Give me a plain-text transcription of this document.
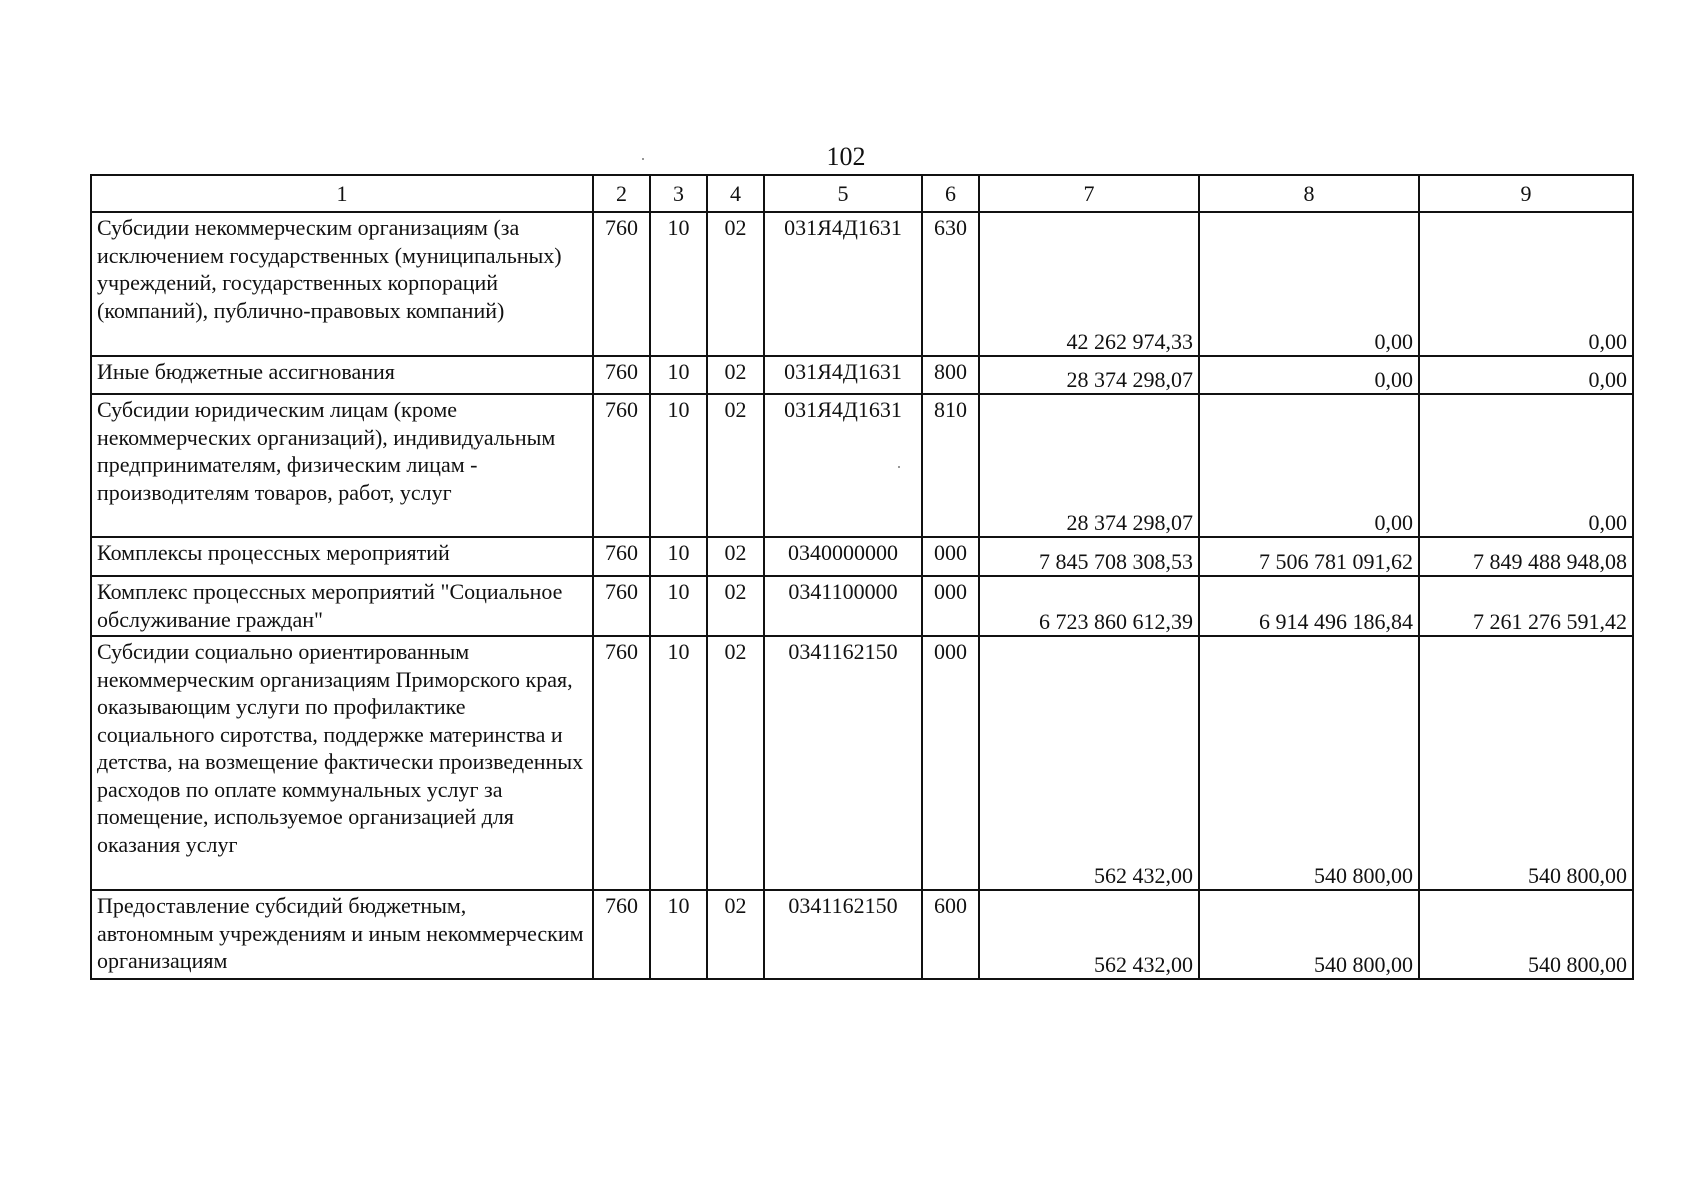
102
1	2	3	4	5	6	7	8	9
Субсидии некоммерческим организациям (за исключением государственных (муниципальных) учреждений, государственных корпораций (компаний), публично-правовых компаний)	760	10	02	031Я4Д1631	630	42 262 974,33	0,00	0,00
Иные бюджетные ассигнования	760	10	02	031Я4Д1631	800	28 374 298,07	0,00	0,00
Субсидии юридическим лицам (кроме некоммерческих организаций), индивидуальным предпринимателям, физическим лицам - производителям товаров, работ, услуг	760	10	02	031Я4Д1631	810	28 374 298,07	0,00	0,00
Комплексы процессных мероприятий	760	10	02	0340000000	000	7 845 708 308,53	7 506 781 091,62	7 849 488 948,08
Комплекс процессных мероприятий "Социальное обслуживание граждан"	760	10	02	0341100000	000	6 723 860 612,39	6 914 496 186,84	7 261 276 591,42
Субсидии социально ориентированным некоммерческим организациям Приморского края, оказывающим услуги по профилактике социального сиротства, поддержке материнства и детства, на возмещение фактически произведенных расходов по оплате коммунальных услуг за помещение, используемое организацией для оказания услуг	760	10	02	0341162150	000	562 432,00	540 800,00	540 800,00
Предоставление субсидий бюджетным, автономным учреждениям и иным некоммерческим организациям	760	10	02	0341162150	600	562 432,00	540 800,00	540 800,00
